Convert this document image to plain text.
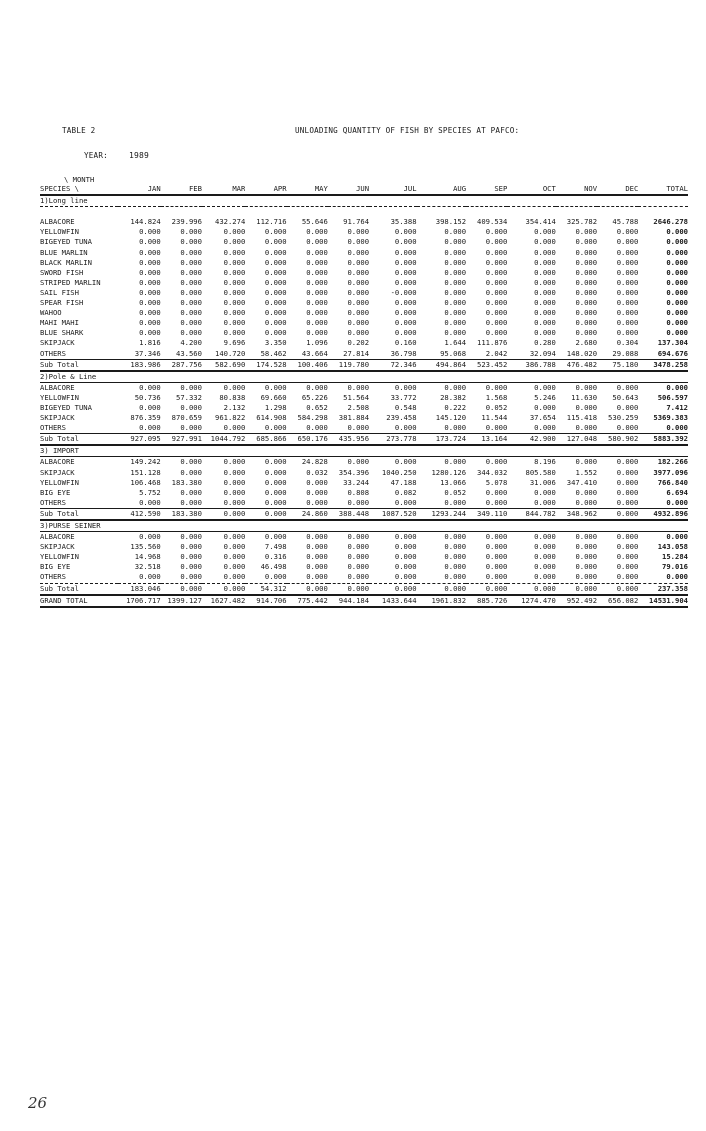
TABLE 2	UNLOADING QUANTITY OF FISH BY SPECIES AT PAFCO:
YEAR:	1989
\ MONTH													
SPECIES \	JAN	FEB	MAR	APR	MAY	JUN	JUL	AUG	SEP	OCT	NOV	DEC	TOTAL
1)Long line													

ALBACORE	144.824	239.996	432.274	112.716	55.646	91.764	35.388	398.152	409.534	354.414	325.782	45.788	2646.278
YELLOWFIN	0.000	0.000	0.000	0.000	0.000	0.000	0.000	0.000	0.000	0.000	0.000	0.000	0.000
BIGEYED TUNA	0.000	0.000	0.000	0.000	0.000	0.000	0.000	0.000	0.000	0.000	0.000	0.000	0.000
BLUE MARLIN	0.000	0.000	0.000	0.000	0.000	0.000	0.000	0.000	0.000	0.000	0.000	0.000	0.000
BLACK MARLIN	0.000	0.000	0.000	0.000	0.000	0.000	0.000	0.000	0.000	0.000	0.000	0.000	0.000
SWORD FISH	0.000	0.000	0.000	0.000	0.000	0.000	0.000	0.000	0.000	0.000	0.000	0.000	0.000
STRIPED MARLIN	0.000	0.000	0.000	0.000	0.000	0.000	0.000	0.000	0.000	0.000	0.000	0.000	0.000
SAIL FISH	0.000	0.000	0.000	0.000	0.000	0.000	-0.000	0.000	0.000	0.000	0.000	0.000	0.000
SPEAR FISH	0.000	0.000	0.000	0.000	0.000	0.000	0.000	0.000	0.000	0.000	0.000	0.000	0.000
WAHOO	0.000	0.000	0.000	0.000	0.000	0.000	0.000	0.000	0.000	0.000	0.000	0.000	0.000
MAHI MAHI	0.000	0.000	0.000	0.000	0.000	0.000	0.000	0.000	0.000	0.000	0.000	0.000	0.000
BLUE SHARK	0.000	0.000	0.000	0.000	0.000	0.000	0.000	0.000	0.000	0.000	0.000	0.000	0.000
SKIPJACK	1.816	4.200	9.696	3.350	1.096	0.202	0.160	1.644	111.876	0.280	2.680	0.304	137.304
OTHERS	37.346	43.560	140.720	58.462	43.664	27.814	36.798	95.068	2.042	32.094	148.020	29.088	694.676
Sub Total	183.986	287.756	582.690	174.528	100.406	119.780	72.346	494.864	523.452	386.788	476.482	75.180	3478.258
2)Pole & Line													
ALBACORE	0.000	0.000	0.000	0.000	0.000	0.000	0.000	0.000	0.000	0.000	0.000	0.000	0.000
YELLOWFIN	50.736	57.332	80.838	69.660	65.226	51.564	33.772	28.382	1.568	5.246	11.630	50.643	506.597
BIGEYED TUNA	0.000	0.000	2.132	1.298	0.652	2.508	0.548	0.222	0.052	0.000	0.000	0.000	7.412
SKIPJACK	876.359	870.659	961.822	614.908	584.298	381.884	239.458	145.120	11.544	37.654	115.418	530.259	5369.383
OTHERS	0.000	0.000	0.000	0.000	0.000	0.000	0.000	0.000	0.000	0.000	0.000	0.000	0.000
Sub Total	927.095	927.991	1044.792	685.866	650.176	435.956	273.778	173.724	13.164	42.900	127.048	580.902	5883.392
3) IMPORT													
ALBACORE	149.242	0.000	0.000	0.000	24.828	0.000	0.000	0.000	0.000	8.196	0.000	0.000	182.266
SKIPJACK	151.128	0.000	0.000	0.000	0.032	354.396	1040.250	1280.126	344.032	805.580	1.552	0.000	3977.096
YELLOWFIN	106.468	183.380	0.000	0.000	0.000	33.244	47.188	13.066	5.078	31.006	347.410	0.000	766.840
BIG EYE	5.752	0.000	0.000	0.000	0.000	0.808	0.082	0.052	0.000	0.000	0.000	0.000	6.694
OTHERS	0.000	0.000	0.000	0.000	0.000	0.000	0.000	0.000	0.000	0.000	0.000	0.000	0.000
Sub Total	412.590	183.380	0.000	0.000	24.860	388.448	1087.520	1293.244	349.110	844.782	348.962	0.000	4932.896
3)PURSE SEINER													
ALBACORE	0.000	0.000	0.000	0.000	0.000	0.000	0.000	0.000	0.000	0.000	0.000	0.000	0.000
SKIPJACK	135.560	0.000	0.000	7.498	0.000	0.000	0.000	0.000	0.000	0.000	0.000	0.000	143.058
YELLOWFIN	14.968	0.000	0.000	0.316	0.000	0.000	0.000	0.000	0.000	0.000	0.000	0.000	15.284
BIG EYE	32.518	0.000	0.000	46.498	0.000	0.000	0.000	0.000	0.000	0.000	0.000	0.000	79.016
OTHERS	0.000	0.000	0.000	0.000	0.000	0.000	0.000	0.000	0.000	0.000	0.000	0.000	0.000
Sub Total	183.046	0.000	0.000	54.312	0.000	0.000	0.000	0.000	0.000	0.000	0.000	0.000	237.358
GRAND TOTAL	1706.717	1399.127	1627.482	914.706	775.442	944.184	1433.644	1961.832	885.726	1274.470	952.492	656.082	14531.904
26
